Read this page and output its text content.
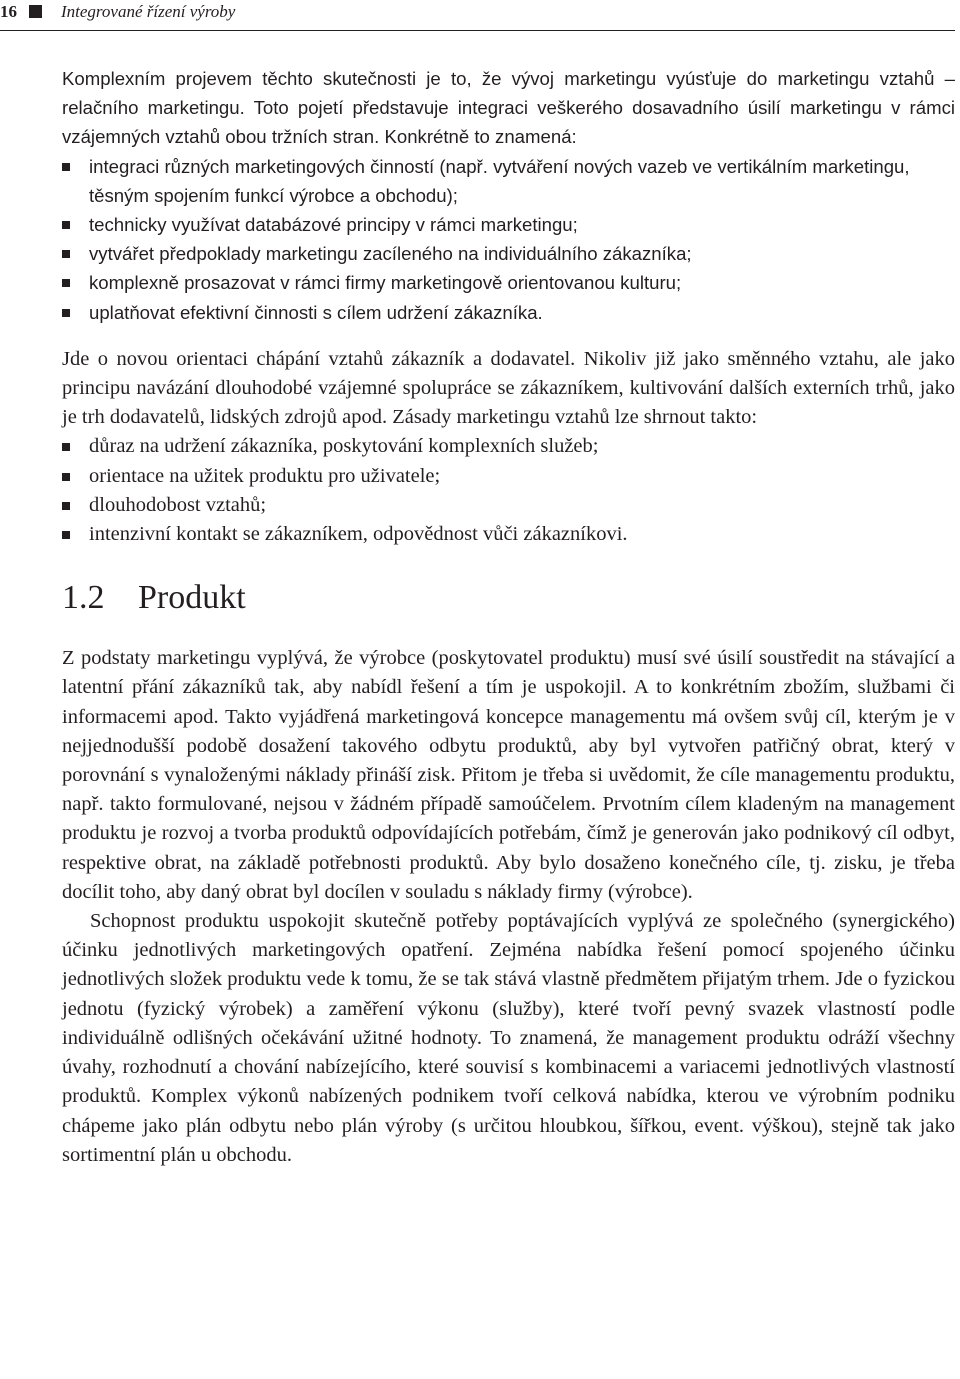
16	Integrované řízení výroby

Komplexním projevem těchto skutečnosti je to, že vývoj marketingu vyúsťuje do marketingu vztahů – relačního marketingu. Toto pojetí představuje integraci veškerého dosavadního úsilí marketingu v rámci vzájemných vztahů obou tržních stran. Konkrétně to znamená:

integraci různých marketingových činností (např. vytváření nových vazeb ve vertikálním marketingu, těsným spojením funkcí výrobce a obchodu);
technicky využívat databázové principy v rámci marketingu;
vytvářet předpoklady marketingu zacíleného na individuálního zákazníka;
komplexně prosazovat v rámci firmy marketingově orientovanou kulturu;
uplatňovat efektivní činnosti s cílem udržení zákazníka.

Jde o novou orientaci chápání vztahů zákazník a dodavatel. Nikoliv již jako směnného vztahu, ale jako principu navázání dlouhodobé vzájemné spolupráce se zákazníkem, kultivování dalších externích trhů, jako je trh dodavatelů, lidských zdrojů apod. Zásady marketingu vztahů lze shrnout takto:

důraz na udržení zákazníka, poskytování komplexních služeb;
orientace na užitek produktu pro uživatele;
dlouhodobost vztahů;
intenzivní kontakt se zákazníkem, odpovědnost vůči zákazníkovi.
1.2 Produkt

Z podstaty marketingu vyplývá, že výrobce (poskytovatel produktu) musí své úsilí soustředit na stávající a latentní přání zákazníků tak, aby nabídl řešení a tím je uspokojil. A to konkrétním zbožím, službami či informacemi apod. Takto vyjádřená marketingová koncepce managementu má ovšem svůj cíl, kterým je v nejjednodušší podobě dosažení takového odbytu produktů, aby byl vytvořen patřičný obrat, který v porovnání s vynaloženými náklady přináší zisk. Přitom je třeba si uvědomit, že cíle managementu produktu, např. takto formulované, nejsou v žádném případě samoúčelem. Prvotním cílem kladeným na management produktu je rozvoj a tvorba produktů odpovídajících potřebám, čímž je generován jako podnikový cíl odbyt, respektive obrat, na základě potřebnosti produktů. Aby bylo dosaženo konečného cíle, tj. zisku, je třeba docílit toho, aby daný obrat byl docílen v souladu s náklady firmy (výrobce).

Schopnost produktu uspokojit skutečně potřeby poptávajících vyplývá ze společného (synergického) účinku jednotlivých marketingových opatření. Zejména nabídka řešení pomocí spojeného účinku jednotlivých složek produktu vede k tomu, že se tak stává vlastně předmětem přijatým trhem. Jde o fyzickou jednotu (fyzický výrobek) a zaměření výkonu (služby), které tvoří pevný svazek vlastností podle individuálně odlišných očekávání užitné hodnoty. To znamená, že management produktu odráží všechny úvahy, rozhodnutí a chování nabízejícího, které souvisí s kombinacemi a variacemi jednotlivých vlastností produktů. Komplex výkonů nabízených podnikem tvoří celková nabídka, kterou ve výrobním podniku chápeme jako plán odbytu nebo plán výroby (s určitou hloubkou, šířkou, event. výškou), stejně tak jako sortimentní plán u obchodu.
